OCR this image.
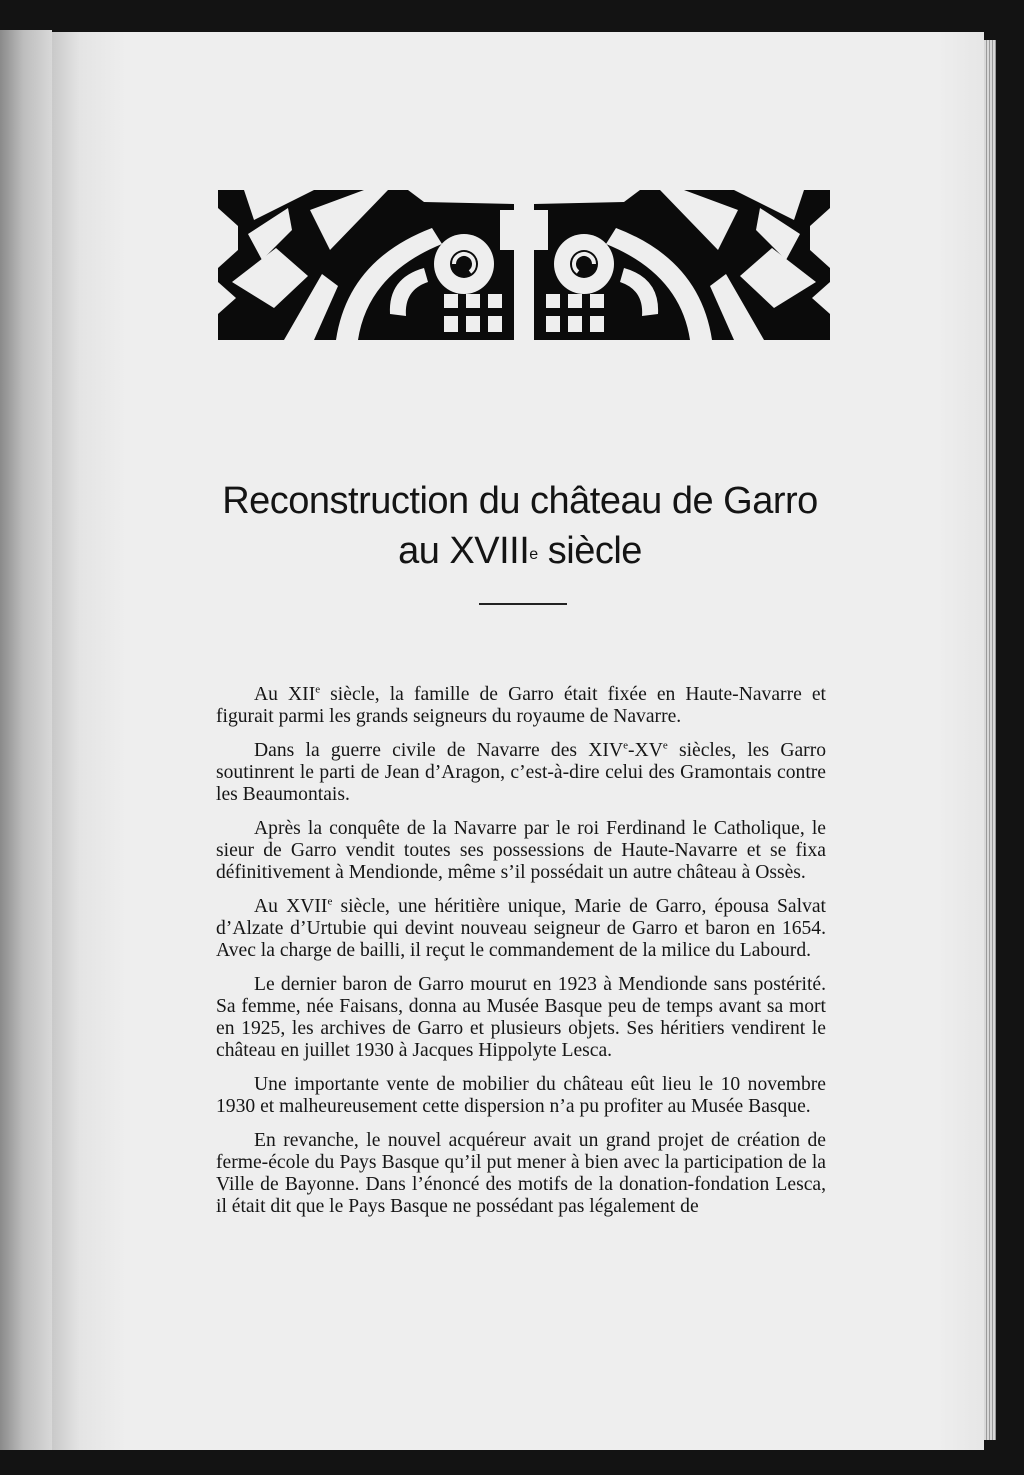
Reconstruction du château de Garro
au XVIIIe siècle

Au XIIe siècle, la famille de Garro était fixée en Haute-Navarre et figurait parmi les grands seigneurs du royaume de Navarre.

Dans la guerre civile de Navarre des XIVe-XVe siècles, les Garro soutinrent le parti de Jean d’Aragon, c’est-à-dire celui des Gramontais contre les Beaumontais.

Après la conquête de la Navarre par le roi Ferdinand le Catholique, le sieur de Garro vendit toutes ses possessions de Haute-Navarre et se fixa définitivement à Mendionde, même s’il possédait un autre château à Ossès.

Au XVIIe siècle, une héritière unique, Marie de Garro, épousa Salvat d’Alzate d’Urtubie qui devint nouveau seigneur de Garro et baron en 1654. Avec la charge de bailli, il reçut le commandement de la milice du Labourd.

Le dernier baron de Garro mourut en 1923 à Mendionde sans postérité. Sa femme, née Faisans, donna au Musée Basque peu de temps avant sa mort en 1925, les archives de Garro et plusieurs objets. Ses héritiers vendirent le château en juillet 1930 à Jacques Hippolyte Lesca.

Une importante vente de mobilier du château eût lieu le 10 novembre 1930 et malheureusement cette dispersion n’a pu profiter au Musée Basque.

En revanche, le nouvel acquéreur avait un grand projet de création de ferme-école du Pays Basque qu’il put mener à bien avec la participation de la Ville de Bayonne. Dans l’énoncé des motifs de la donation-fondation Lesca, il était dit que le Pays Basque ne possédant pas légalement de
